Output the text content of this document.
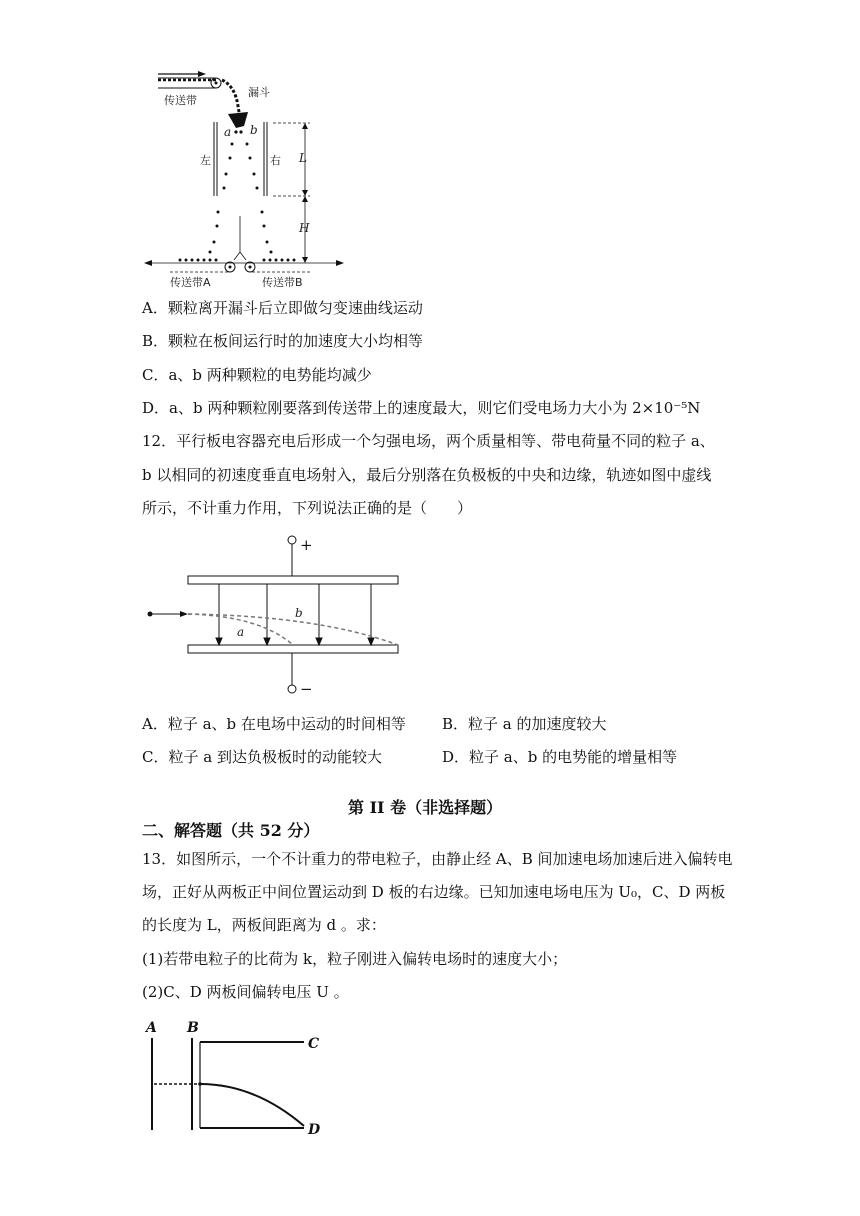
传送带
漏斗
a b
左	右 L
H
传送带A	传送带B
A．颗粒离开漏斗后立即做匀变速曲线运动
B．颗粒在板间运行时的加速度大小均相等
C．a、b 两种颗粒的电势能均减少
D．a、b 两种颗粒刚要落到传送带上的速度最大，则它们受电场力大小为 2×10⁻⁵N
12．平行板电容器充电后形成一个匀强电场，两个质量相等、带电荷量不同的粒子 a、
b 以相同的初速度垂直电场射入，最后分别落在负极板的中央和边缘，轨迹如图中虚线
所示，不计重力作用，下列说法正确的是（　　）
+
−
b
a
A．粒子 a、b 在电场中运动的时间相等 B．粒子 a 的加速度较大
C．粒子 a 到达负极板时的动能较大	D．粒子 a、b 的电势能的增量相等
第 II 卷（非选择题）
二、解答题（共 52 分）
13．如图所示，一个不计重力的带电粒子，由静止经 A、B 间加速电场加速后进入偏转电
场，正好从两板正中间位置运动到 D 板的右边缘。已知加速电场电压为 U₀，C、D 两板
的长度为 L，两板间距离为 d 。求：
(1)若带电粒子的比荷为 k，粒子刚进入偏转电场时的速度大小；
(2)C、D 两板间偏转电压 U 。
A B
C
D
